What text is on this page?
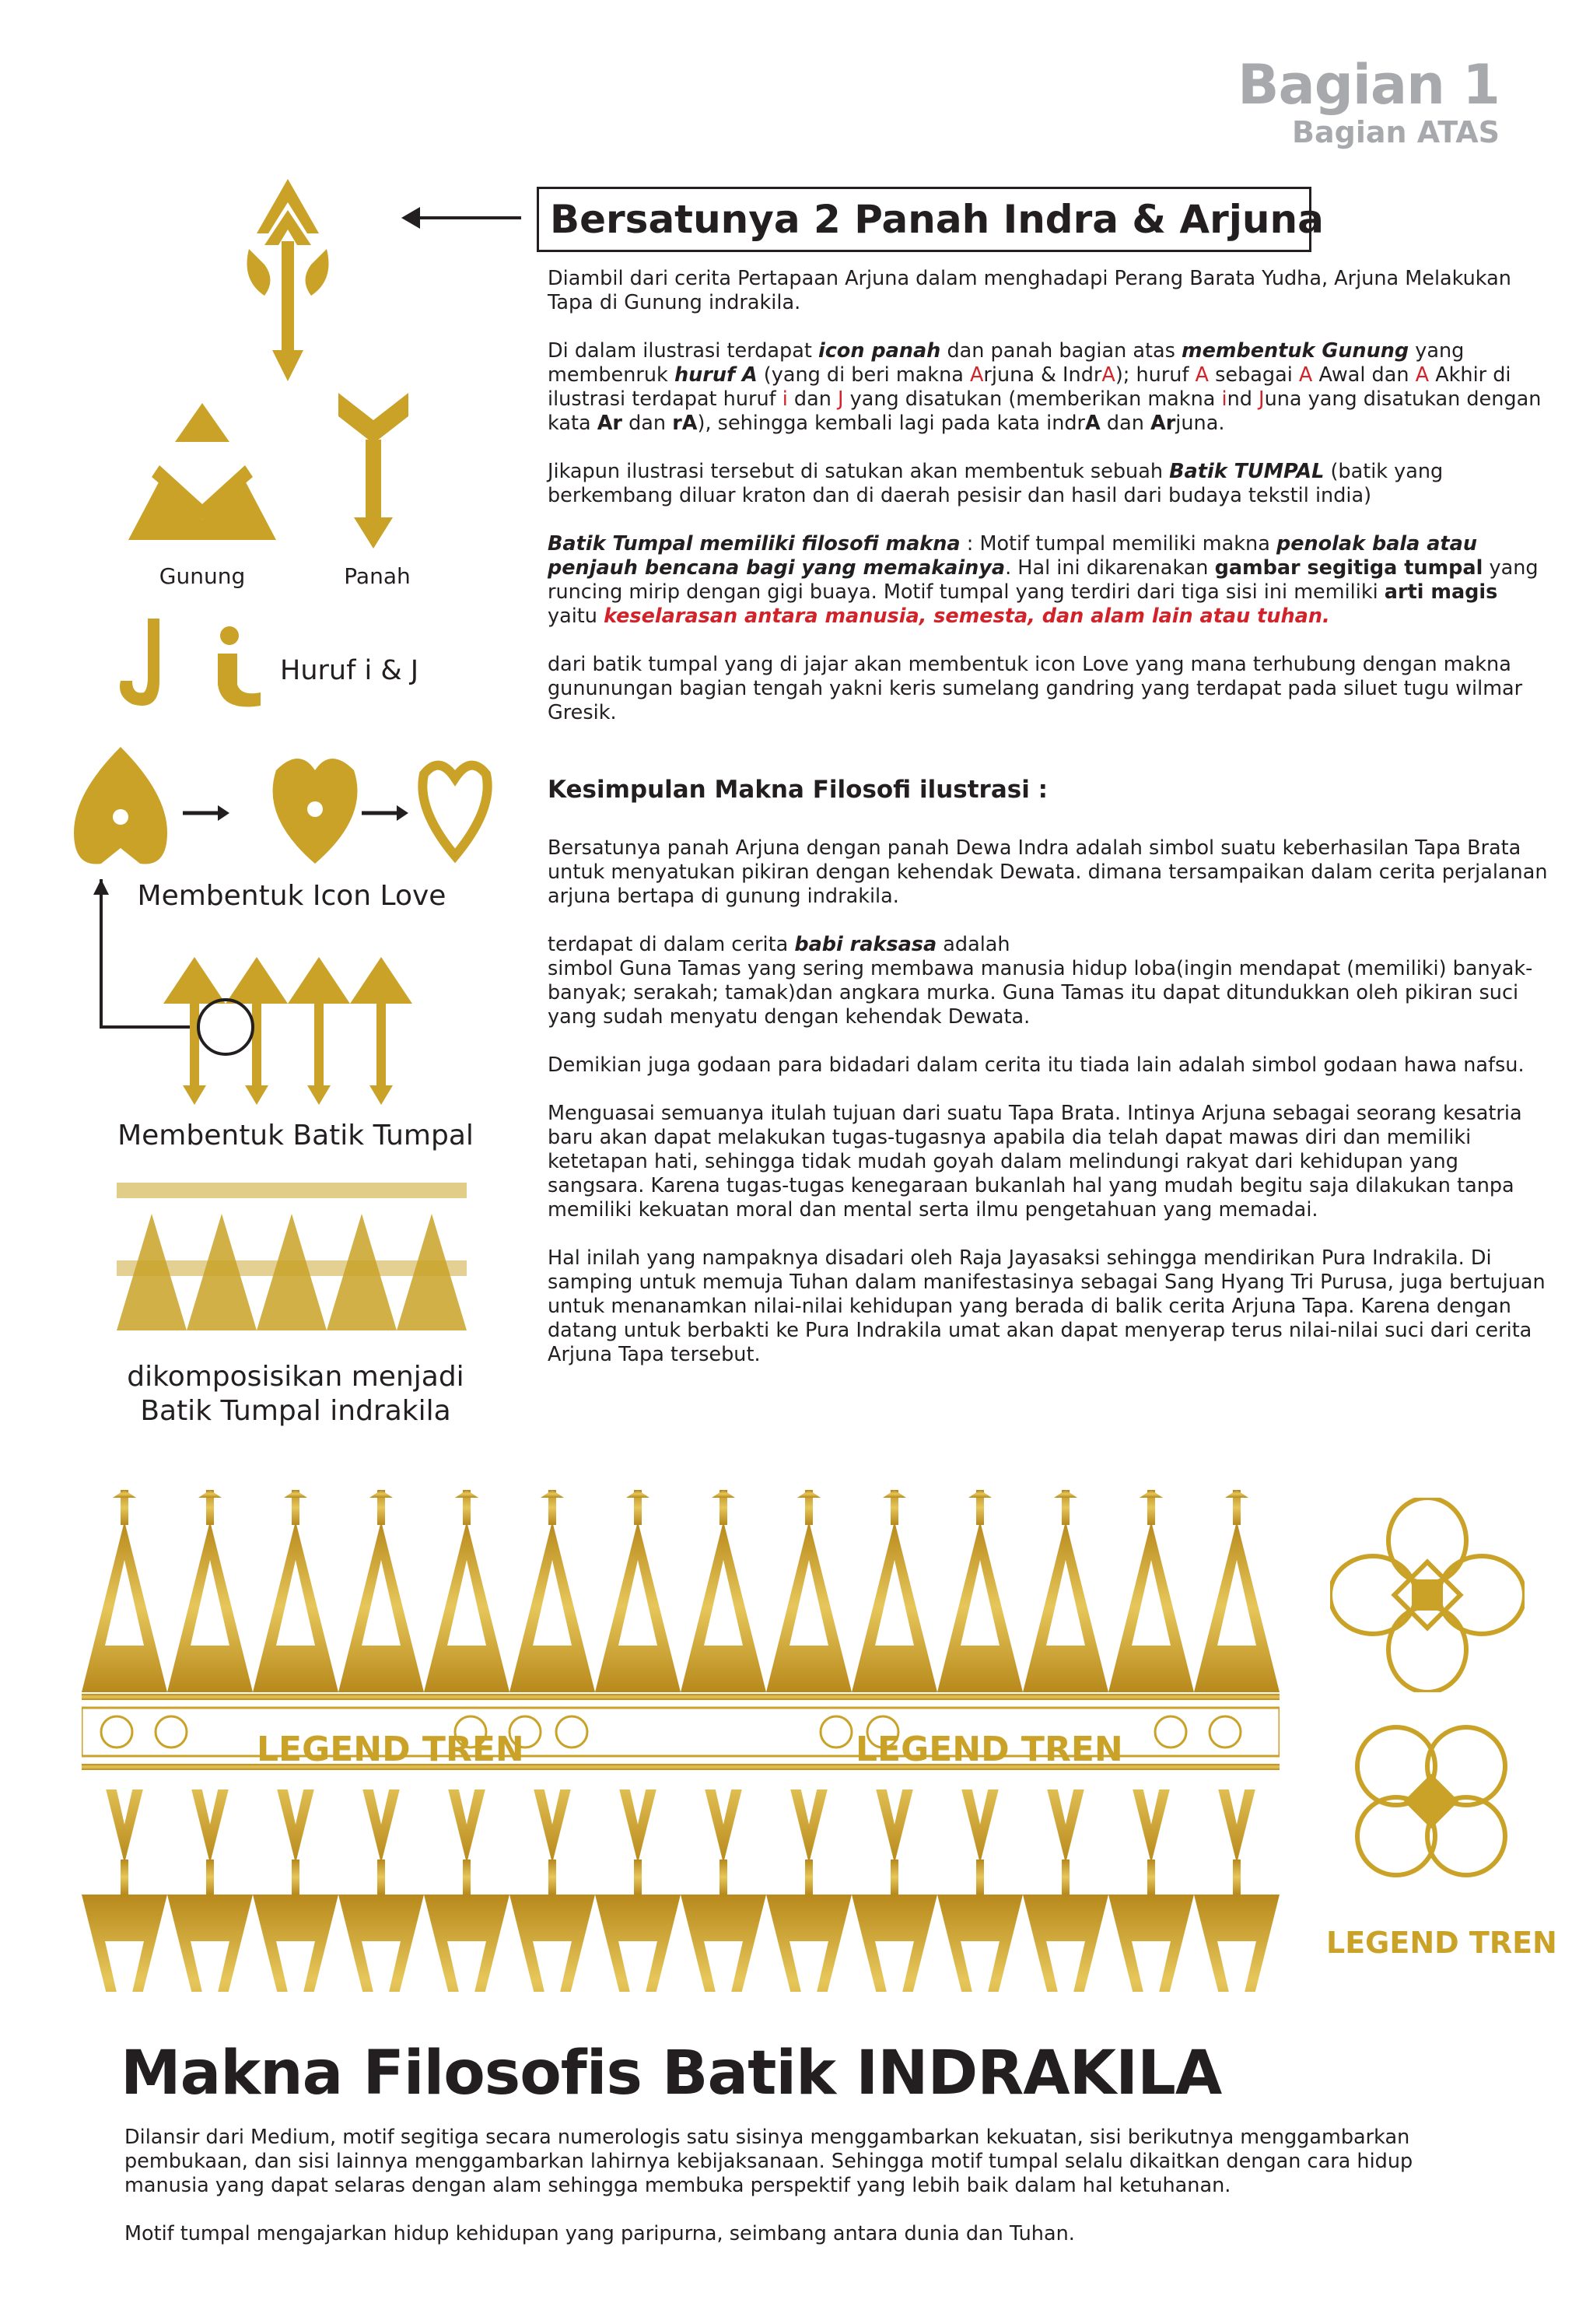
Bagian 1
Bagian ATAS
Bersatunya 2 Panah Indra & Arjuna
Gunung	Panah
Huruf i & J
Membentuk Icon Love
Membentuk Batik Tumpal
dikomposisikan menjadi
Batik Tumpal indrakila

Diambil dari cerita Pertapaan Arjuna dalam menghadapi Perang Barata Yudha, Arjuna Melakukan Tapa di Gunung indrakila.

Di dalam ilustrasi terdapat icon panah dan panah bagian atas membentuk Gunung yang membenruk huruf A (yang di beri makna Arjuna & IndrA); huruf A sebagai A Awal dan A Akhir di ilustrasi terdapat huruf i dan J yang disatukan (memberikan makna ind Juna yang disatukan dengan kata Ar dan rA), sehingga kembali lagi pada kata indrA dan Arjuna.

Jikapun ilustrasi tersebut di satukan akan membentuk sebuah Batik TUMPAL (batik yang berkembang diluar kraton dan di daerah pesisir dan hasil dari budaya tekstil india)

Batik Tumpal memiliki filosofi makna : Motif tumpal memiliki makna penolak bala atau penjauh bencana bagi yang memakainya. Hal ini dikarenakan gambar segitiga tumpal yang runcing mirip dengan gigi buaya. Motif tumpal yang terdiri dari tiga sisi ini memiliki arti magis yaitu keselarasan antara manusia, semesta, dan alam lain atau tuhan.

dari batik tumpal yang di jajar akan membentuk icon Love yang mana terhubung dengan makna gununungan bagian tengah yakni keris sumelang gandring yang terdapat pada siluet tugu wilmar Gresik.

Kesimpulan Makna Filosofi ilustrasi :

Bersatunya panah Arjuna dengan panah Dewa Indra adalah simbol suatu keberhasilan Tapa Brata untuk menyatukan pikiran dengan kehendak Dewata. dimana tersampaikan dalam cerita perjalanan arjuna bertapa di gunung indrakila.

terdapat di dalam cerita babi raksasa adalah

simbol Guna Tamas yang sering membawa manusia hidup loba(ingin mendapat (memiliki) banyak-banyak; serakah; tamak)dan angkara murka. Guna Tamas itu dapat ditundukkan oleh pikiran suci yang sudah menyatu dengan kehendak Dewata.

Demikian juga godaan para bidadari dalam cerita itu tiada lain adalah simbol godaan hawa nafsu.

Menguasai semuanya itulah tujuan dari suatu Tapa Brata. Intinya Arjuna sebagai seorang kesatria baru akan dapat melakukan tugas-tugasnya apabila dia telah dapat mawas diri dan memiliki ketetapan hati, sehingga tidak mudah goyah dalam melindungi rakyat dari kehidupan yang sangsara. Karena tugas-tugas kenegaraan bukanlah hal yang mudah begitu saja dilakukan tanpa memiliki kekuatan moral dan mental serta ilmu pengetahuan yang memadai.

Hal inilah yang nampaknya disadari oleh Raja Jayasaksi sehingga mendirikan Pura Indrakila. Di samping untuk memuja Tuhan dalam manifestasinya sebagai Sang Hyang Tri Purusa, juga bertujuan untuk menanamkan nilai-nilai kehidupan yang berada di balik cerita Arjuna Tapa. Karena dengan datang untuk berbakti ke Pura Indrakila umat akan dapat menyerap terus nilai-nilai suci dari cerita Arjuna Tapa tersebut.

LEGEND TREN	LEGEND TREN
LEGEND TREN
Makna Filosofis Batik INDRAKILA

Dilansir dari Medium, motif segitiga secara numerologis satu sisinya menggambarkan kekuatan, sisi berikutnya menggambarkan pembukaan, dan sisi lainnya menggambarkan lahirnya kebijaksanaan. Sehingga motif tumpal selalu dikaitkan dengan cara hidup manusia yang dapat selaras dengan alam sehingga membuka perspektif yang lebih baik dalam hal ketuhanan.

Motif tumpal mengajarkan hidup kehidupan yang paripurna, seimbang antara dunia dan Tuhan.
